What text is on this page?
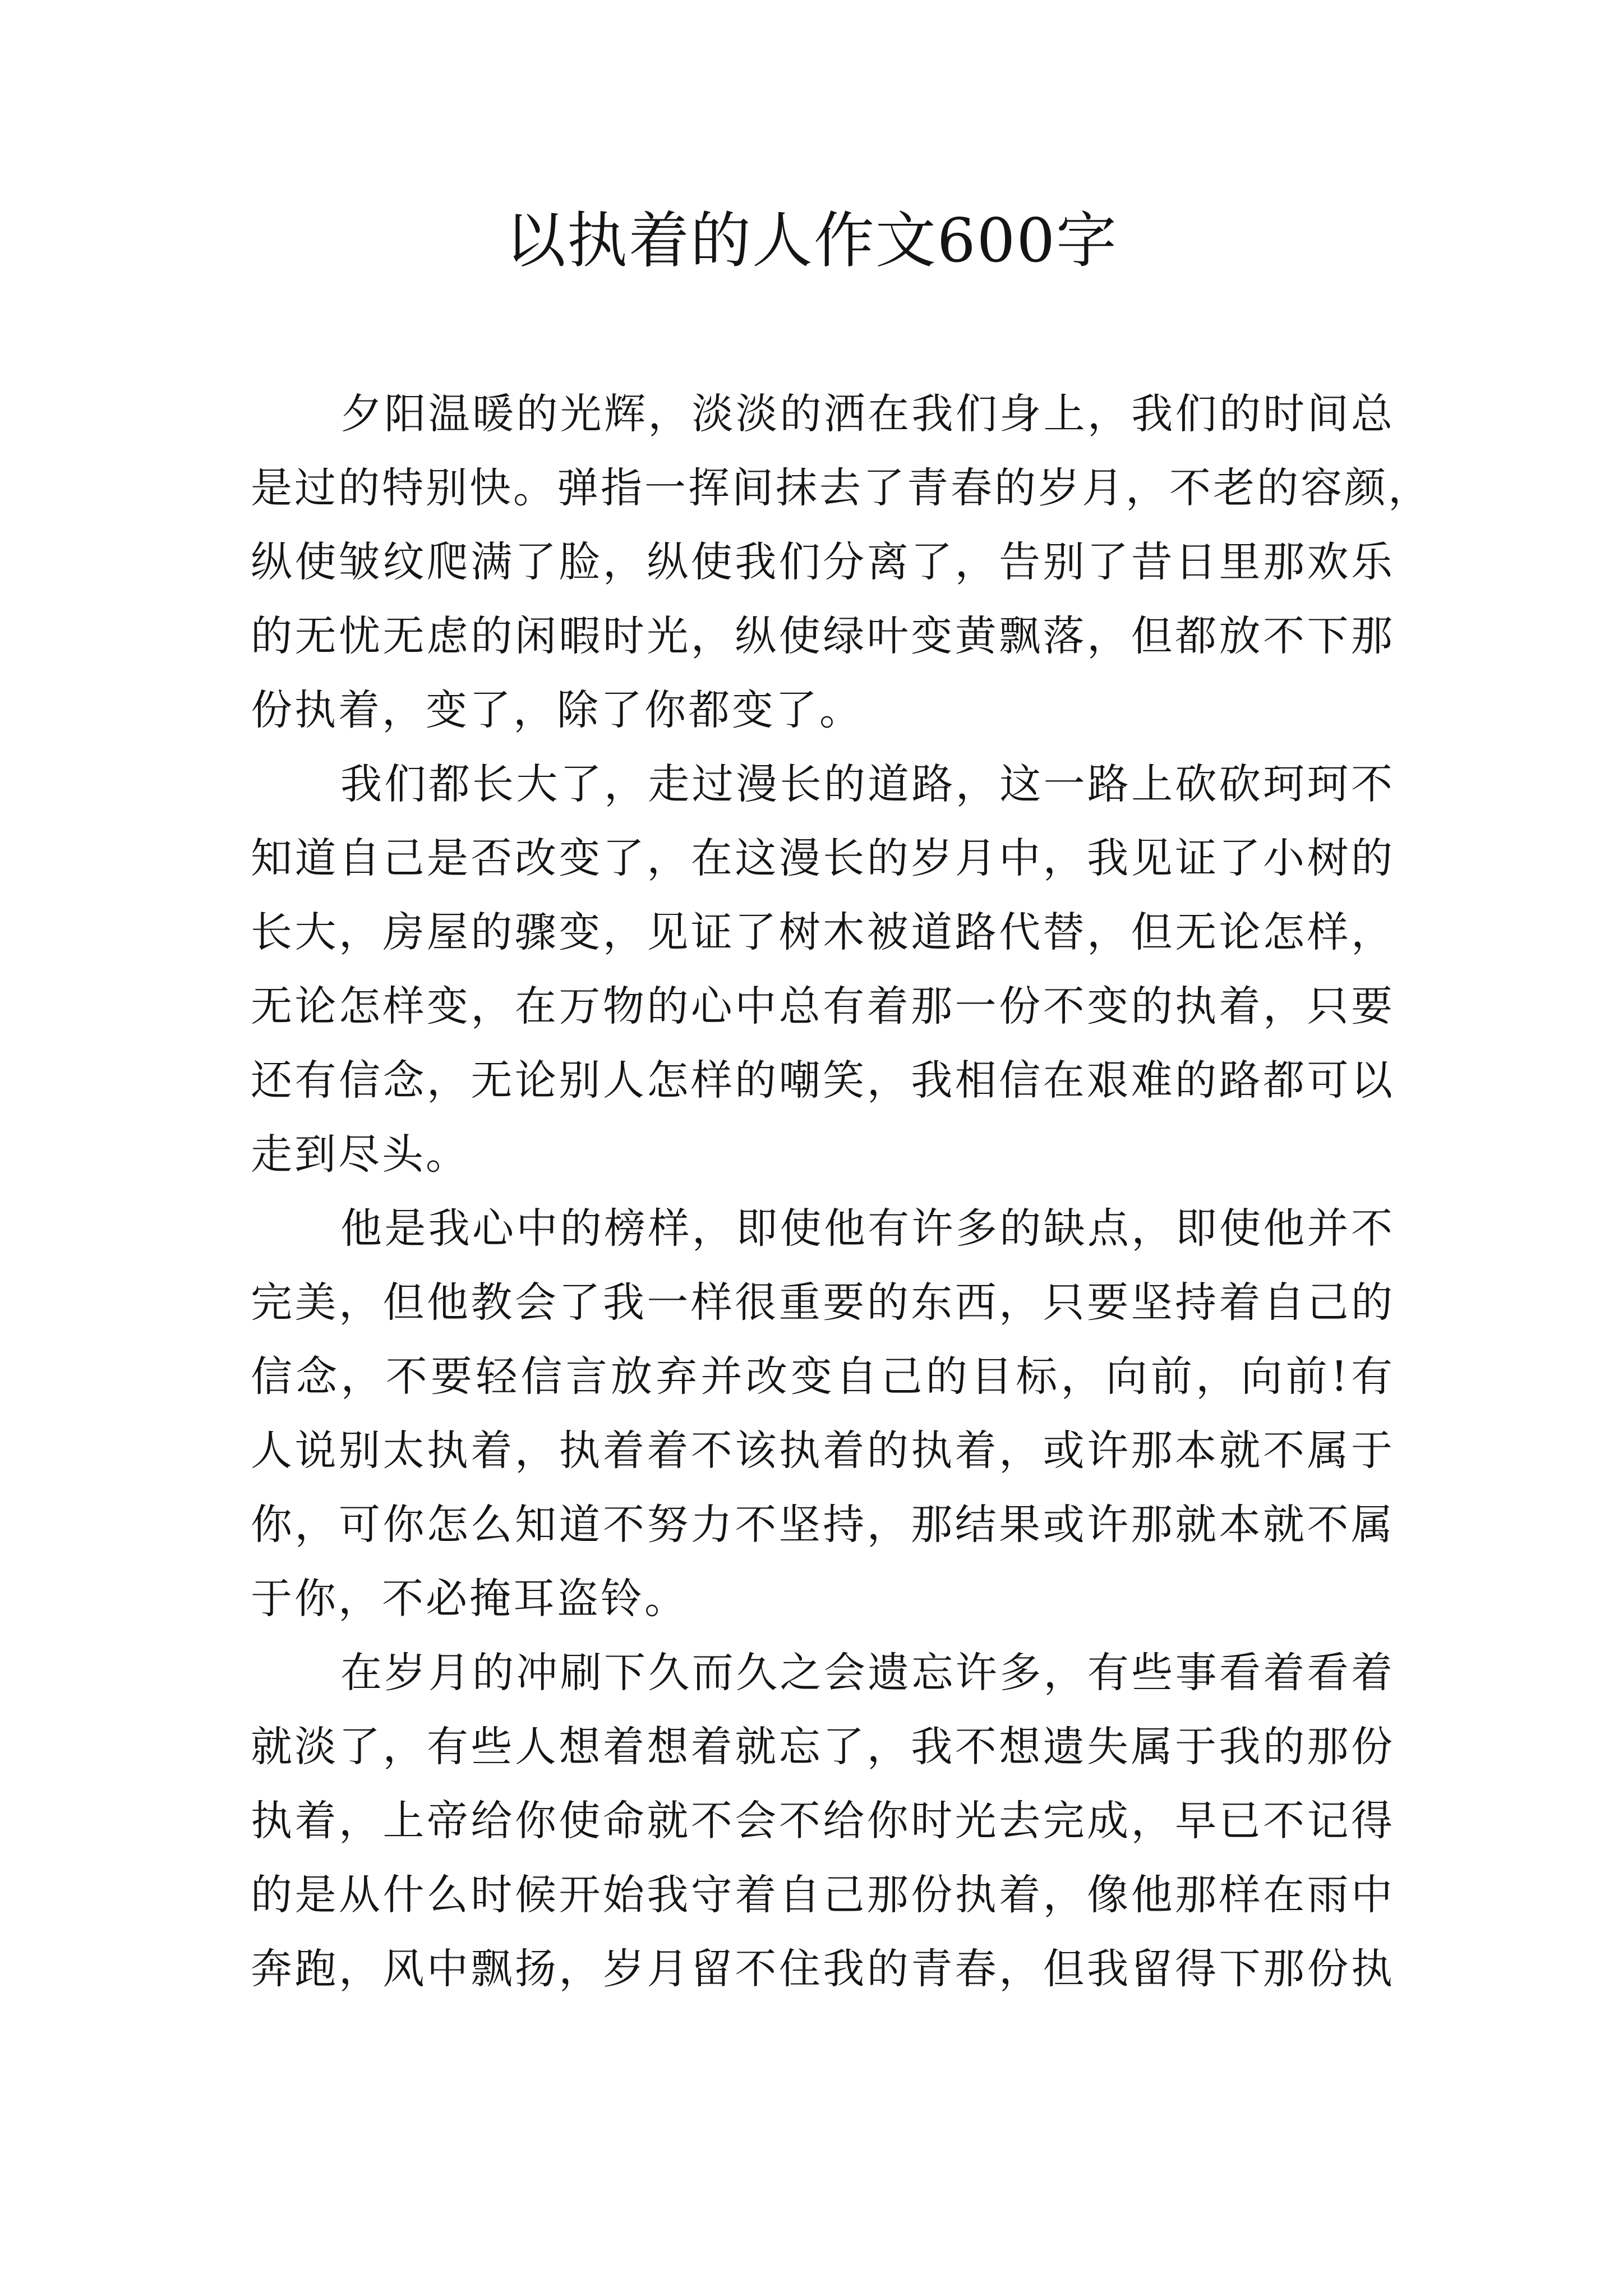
以执着的人作文600字
夕阳温暖的光辉，淡淡的洒在我们身上，我们的时间总
是过的特别快。弹指一挥间抹去了青春的岁月，不老的容颜，
纵使皱纹爬满了脸，纵使我们分离了，告别了昔日里那欢乐
的无忧无虑的闲暇时光，纵使绿叶变黄飘落，但都放不下那
份执着，变了，除了你都变了。
我们都长大了，走过漫长的道路，这一路上砍砍珂珂不
知道自己是否改变了，在这漫长的岁月中，我见证了小树的
长大，房屋的骤变，见证了树木被道路代替，但无论怎样，
无论怎样变，在万物的心中总有着那一份不变的执着，只要
还有信念，无论别人怎样的嘲笑，我相信在艰难的路都可以
走到尽头。
他是我心中的榜样，即使他有许多的缺点，即使他并不
完美，但他教会了我一样很重要的东西，只要坚持着自己的
信念，不要轻信言放弃并改变自己的目标，向前，向前!有
人说别太执着，执着着不该执着的执着，或许那本就不属于
你，可你怎么知道不努力不坚持，那结果或许那就本就不属
于你，不必掩耳盗铃。
在岁月的冲刷下久而久之会遗忘许多，有些事看着看着
就淡了，有些人想着想着就忘了，我不想遗失属于我的那份
执着，上帝给你使命就不会不给你时光去完成，早已不记得
的是从什么时候开始我守着自己那份执着，像他那样在雨中
奔跑，风中飘扬，岁月留不住我的青春，但我留得下那份执
